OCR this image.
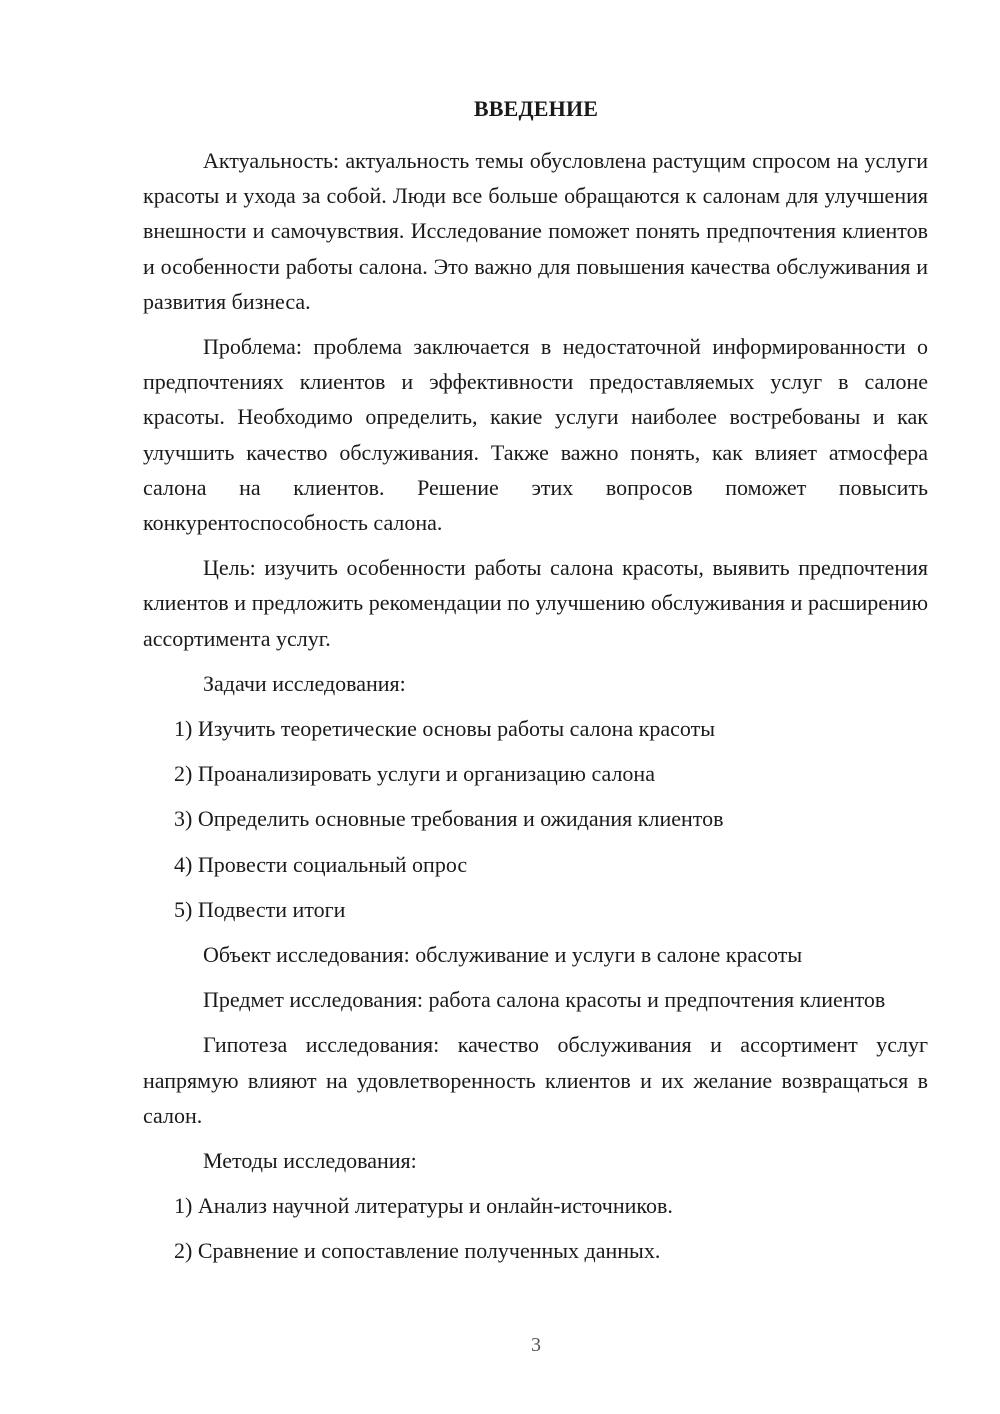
ВВЕДЕНИЕ

Актуальность: актуальность темы обусловлена растущим спросом на услуги красоты и ухода за собой. Люди все больше обращаются к салонам для улучшения внешности и самочувствия. Исследование поможет понять предпочтения клиентов и особенности работы салона. Это важно для повышения качества обслуживания и развития бизнеса.

Проблема: проблема заключается в недостаточной информированности о предпочтениях клиентов и эффективности предоставляемых услуг в салоне красоты. Необходимо определить, какие услуги наиболее востребованы и как улучшить качество обслуживания. Также важно понять, как влияет атмосфера салона на клиентов. Решение этих вопросов поможет повысить конкурентоспособность салона.

Цель: изучить особенности работы салона красоты, выявить предпочтения клиентов и предложить рекомендации по улучшению обслуживания и расширению ассортимента услуг.

Задачи исследования:

1) Изучить теоретические основы работы салона красоты
2) Проанализировать услуги и организацию салона
3) Определить основные требования и ожидания клиентов
4) Провести социальный опрос
5) Подвести итоги

Объект исследования: обслуживание и услуги в салоне красоты

Предмет исследования: работа салона красоты и предпочтения клиентов

Гипотеза исследования: качество обслуживания и ассортимент услуг напрямую влияют на удовлетворенность клиентов и их желание возвращаться в салон.

Методы исследования:

1) Анализ научной литературы и онлайн-источников.
2) Сравнение и сопоставление полученных данных.
3
